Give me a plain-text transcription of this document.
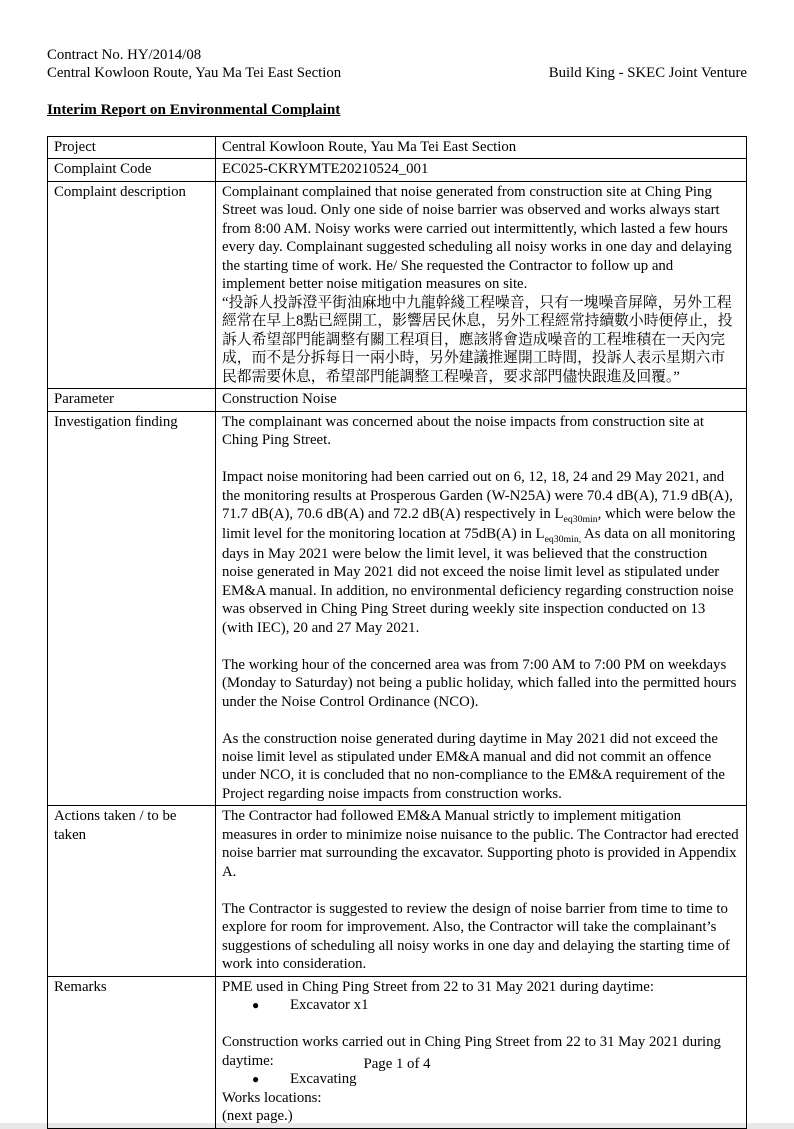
Contract No. HY/2014/08
Central Kowloon Route, Yau Ma Tei East Section	Build King - SKEC Joint Venture
Interim Report on Environmental Complaint
Project	Central Kowloon Route, Yau Ma Tei East Section

Complaint Code	EC025-CKRYMTE20210524_001

Complaint description	Complainant complained that noise generated from construction site at Ching Ping Street was loud. Only one side of noise barrier was observed and works always start from 8:00 AM. Noisy works were carried out intermittently, which lasted a few hours every day. Complainant suggested scheduling all noisy works in one day and delaying the starting time of work. He/ She requested the Contractor to follow up and implement better noise mitigation measures on site.

“投訴人投訴澄平街油麻地中九龍幹綫工程噪音，只有一塊噪音屏障，另外工程經常在早上8點已經開工，影響居民休息，另外工程經常持續數小時便停止，投訴人希望部門能調整有關工程項目，應該將會造成噪音的工程堆積在一天內完成，而不是分拆每日一兩小時，另外建議推遲開工時間，投訴人表示星期六市民都需要休息，希望部門能調整工程噪音，要求部門儘快跟進及回覆。”

Parameter	Construction Noise

Investigation finding	The complainant was concerned about the noise impacts from construction site at Ching Ping Street.

Impact noise monitoring had been carried out on 6, 12, 18, 24 and 29 May 2021, and the monitoring results at Prosperous Garden (W-N25A) were 70.4 dB(A), 71.9 dB(A), 71.7 dB(A), 70.6 dB(A) and 72.2 dB(A) respectively in $L_{eq30min}$, which were below the limit level for the monitoring location at 75dB(A) in $L_{eq30min,}$ As data on all monitoring days in May 2021 were below the limit level, it was believed that the construction noise generated in May 2021 did not exceed the noise limit level as stipulated under EM&A manual. In addition, no environmental deficiency regarding construction noise was observed in Ching Ping Street during weekly site inspection conducted on 13 (with IEC), 20 and 27 May 2021.

The working hour of the concerned area was from 7:00 AM to 7:00 PM on weekdays (Monday to Saturday) not being a public holiday, which falled into the permitted hours under the Noise Control Ordinance (NCO).

As the construction noise generated during daytime in May 2021 did not exceed the noise limit level as stipulated under EM&A manual and did not commit an offence under NCO, it is concluded that no non-compliance to the EM&A requirement of the Project regarding noise impacts from construction works.

Actions taken / to be taken	The Contractor had followed EM&A Manual strictly to implement mitigation measures in order to minimize noise nuisance to the public. The Contractor had erected noise barrier mat surrounding the excavator. Supporting photo is provided in Appendix A.

The Contractor is suggested to review the design of noise barrier from time to time to explore for room for improvement. Also, the Contractor will take the complainant’s suggestions of scheduling all noisy works in one day and delaying the starting time of work into consideration.

Remarks	PME used in Ching Ping Street from 22 to 31 May 2021 during daytime:

●	Excavator x1

Construction works carried out in Ching Ping Street from 22 to 31 May 2021 during daytime:

●	Excavating

Works locations:

(next page.)

Page 1 of 4
